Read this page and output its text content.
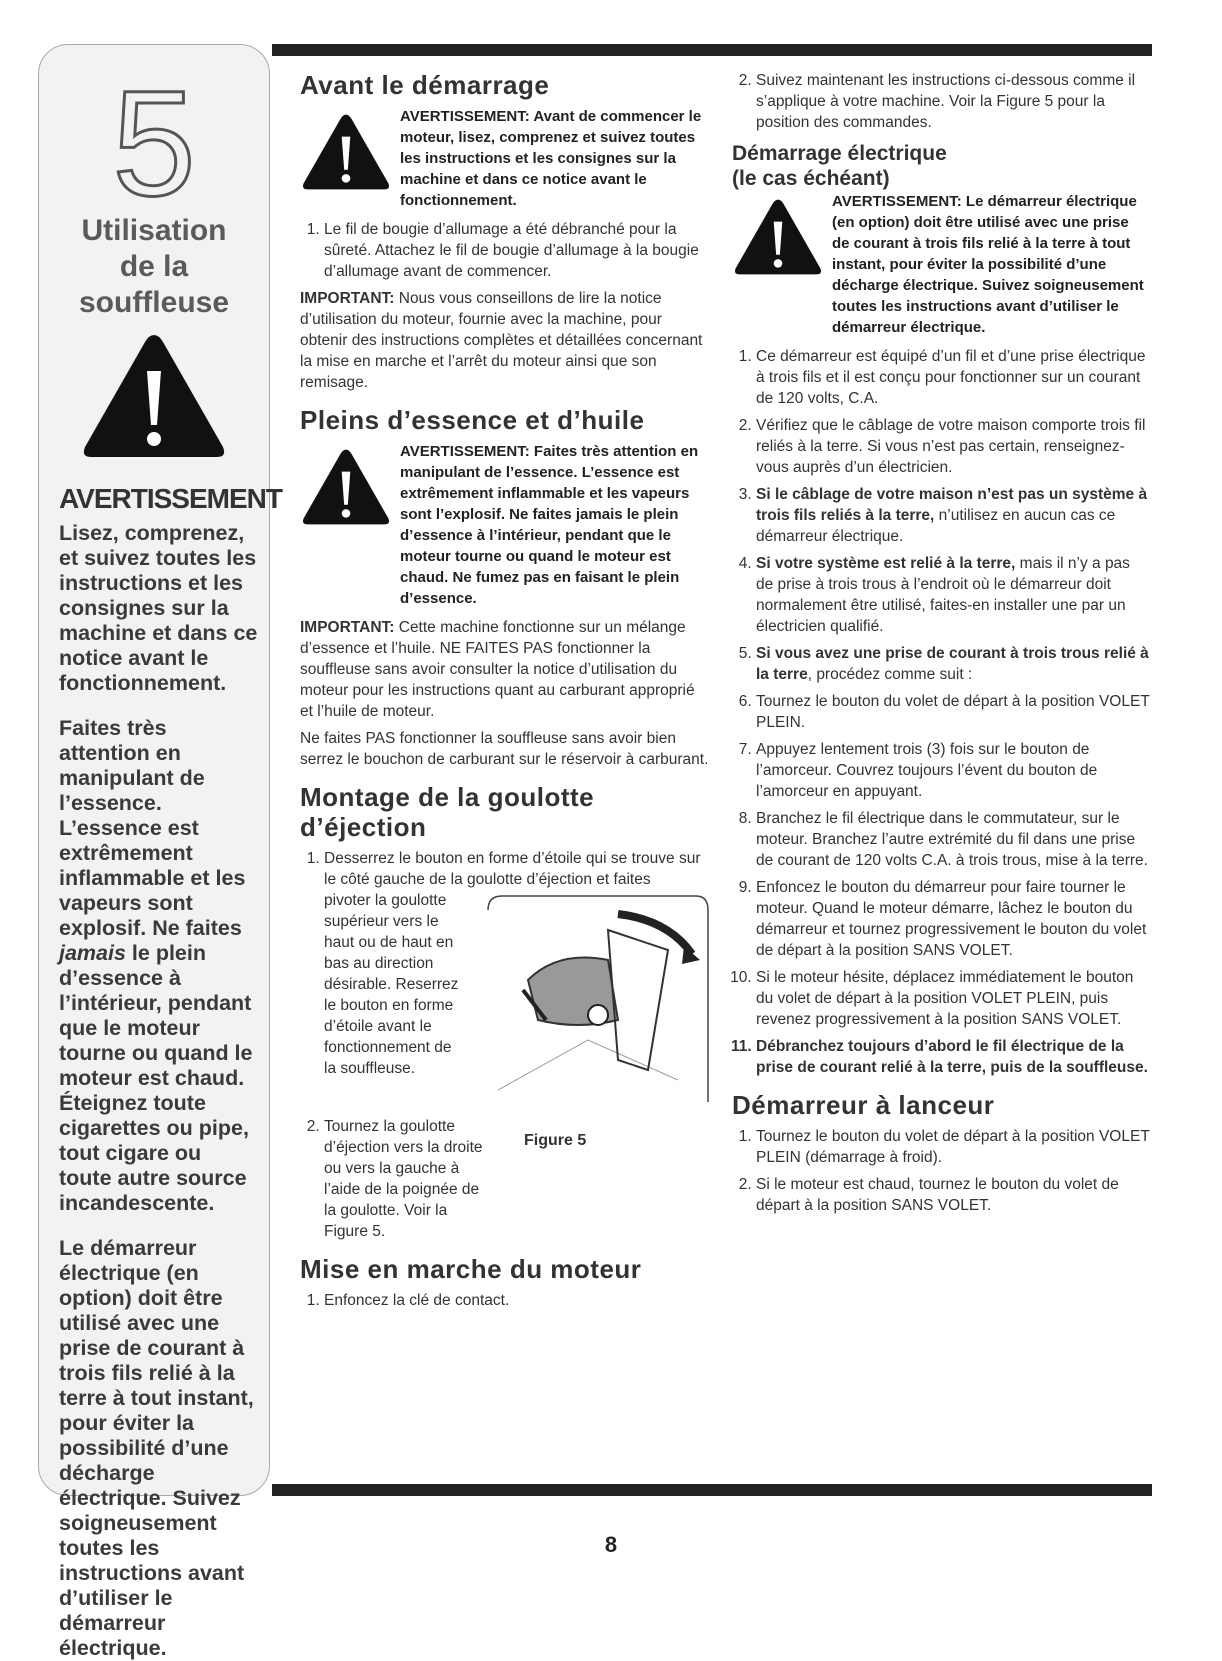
5
Utilisation
de la
souffleuse
AVERTISSEMENT
Lisez, comprenez, et suivez toutes les instructions et les consignes sur la machine et dans ce notice avant le fonctionnement.
Faites très attention en manipulant de l’essence. L’essence est extrêmement inflammable et les vapeurs sont explosif. Ne faites jamais le plein d’essence à l’intérieur, pendant que le moteur tourne ou quand le moteur est chaud. Éteignez toute cigarettes ou pipe, tout cigare ou toute autre source incandescente.
Le démarreur électrique (en option) doit être utilisé avec une prise de courant à trois fils relié à la terre à tout instant, pour éviter la possibilité d’une décharge électrique. Suivez soigneusement toutes les instructions avant d’utiliser le démarreur électrique.
Avant le démarrage
AVERTISSEMENT: Avant de commencer le moteur, lisez, comprenez et suivez toutes les instructions et les consignes sur la machine et dans ce notice avant le fonctionnement.
1. Le fil de bougie d’allumage a été débranché pour la sûreté. Attachez le fil de bougie d’allumage à la bougie d’allumage avant de commencer.

IMPORTANT: Nous vous conseillons de lire la notice d’utilisation du moteur, fournie avec la machine, pour obtenir des instructions complètes et détaillées concernant la mise en marche et l’arrêt du moteur ainsi que son remisage.

Pleins d’essence et d’huile
AVERTISSEMENT: Faites très attention en manipulant de l’essence. L’essence est extrêmement inflammable et les vapeurs sont l’explosif. Ne faites jamais le plein d’essence à l’intérieur, pendant que le moteur tourne ou quand le moteur est chaud. Ne fumez pas en faisant le plein d’essence.

IMPORTANT: Cette machine fonctionne sur un mélange d’essence et l’huile. NE FAITES PAS fonctionner la souffleuse sans avoir consulter la notice d’utilisation du moteur pour les instructions quant au carburant approprié et l’huile de moteur.

Ne faites PAS fonctionner la souffleuse sans avoir bien serrez le bouchon de carburant sur le réservoir à carburant.

Montage de la goulotte d’éjection
1. Desserrez le bouton en forme d’étoile qui se trouve sur le côté gauche de la goulotte d’éjection et faites
pivoter la goulotte supérieur vers le haut ou de haut en bas au direction désirable. Reserrez le bouton en forme d’étoile avant le fonctionnement de la souffleuse.
2. Tournez la goulotte d’éjection vers la droite ou vers la gauche à l’aide de la poignée de la goulotte. Voir la Figure 5.
Figure 5
Mise en marche du moteur
1. Enfoncez la clé de contact.
2. Suivez maintenant les instructions ci-dessous comme il s’applique à votre machine. Voir la Figure 5 pour la position des commandes.
Démarrage électrique
(le cas échéant)
AVERTISSEMENT: Le démarreur électrique (en option) doit être utilisé avec une prise de courant à trois fils relié à la terre à tout instant, pour éviter la possibilité d’une décharge électrique. Suivez soigneusement toutes les instructions avant d’utiliser le démarreur électrique.
1. Ce démarreur est équipé d’un fil et d’une prise électrique à trois fils et il est conçu pour fonctionner sur un courant de 120 volts, C.A.
2. Vérifiez que le câblage de votre maison comporte trois fil reliés à la terre. Si vous n’est pas certain, renseignez-vous auprès d’un électricien.
3. Si le câblage de votre maison n’est pas un système à trois fils reliés à la terre, n’utilisez en aucun cas ce démarreur électrique.
4. Si votre système est relié à la terre, mais il n’y a pas de prise à trois trous à l’endroit où le démarreur doit normalement être utilisé, faites-en installer une par un électricien qualifié.
5. Si vous avez une prise de courant à trois trous relié à la terre, procédez comme suit :
6. Tournez le bouton du volet de départ à la position VOLET PLEIN.
7. Appuyez lentement trois (3) fois sur le bouton de l’amorceur. Couvrez toujours l’évent du bouton de l’amorceur en appuyant.
8. Branchez le fil électrique dans le commutateur, sur le moteur. Branchez l’autre extrémité du fil dans une prise de courant de 120 volts C.A. à trois trous, mise à la terre.
9. Enfoncez le bouton du démarreur pour faire tourner le moteur. Quand le moteur démarre, lâchez le bouton du démarreur et tournez progressivement le bouton du volet de départ à la position SANS VOLET.
10. Si le moteur hésite, déplacez immédiatement le bouton du volet de départ à la position VOLET PLEIN, puis revenez progressivement à la position SANS VOLET.
11. Débranchez toujours d’abord le fil électrique de la prise de courant relié à la terre, puis de la souffleuse.
Démarreur à lanceur
1. Tournez le bouton du volet de départ à la position VOLET PLEIN (démarrage à froid).
2. Si le moteur est chaud, tournez le bouton du volet de départ à la position SANS VOLET.
8
